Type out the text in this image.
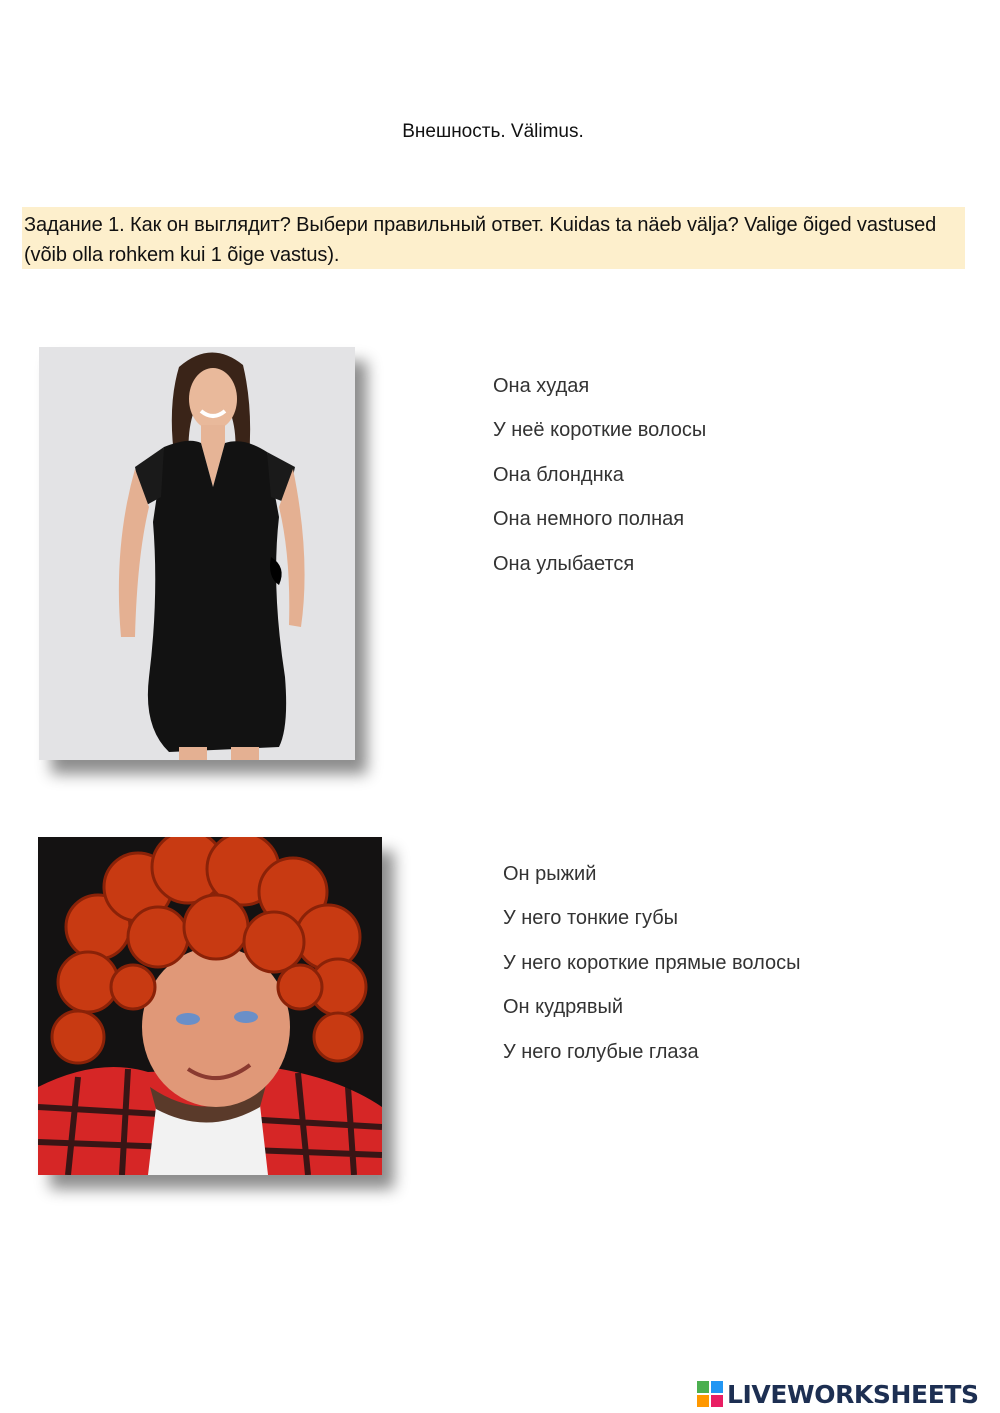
Внешность. Välimus.
Задание 1. Как он выглядит? Выбери правильный ответ. Kuidas ta näeb välja? Valige õiged vastused (võib olla rohkem kui 1 õige vastus).
Она худая
У неё короткие волосы
Она блонднка
Она немного полная
Она улыбается
Он рыжий
У него тонкие губы
У него короткие прямые волосы
Он кудрявый
У него голубые глаза
LIVEWORKSHEETS
